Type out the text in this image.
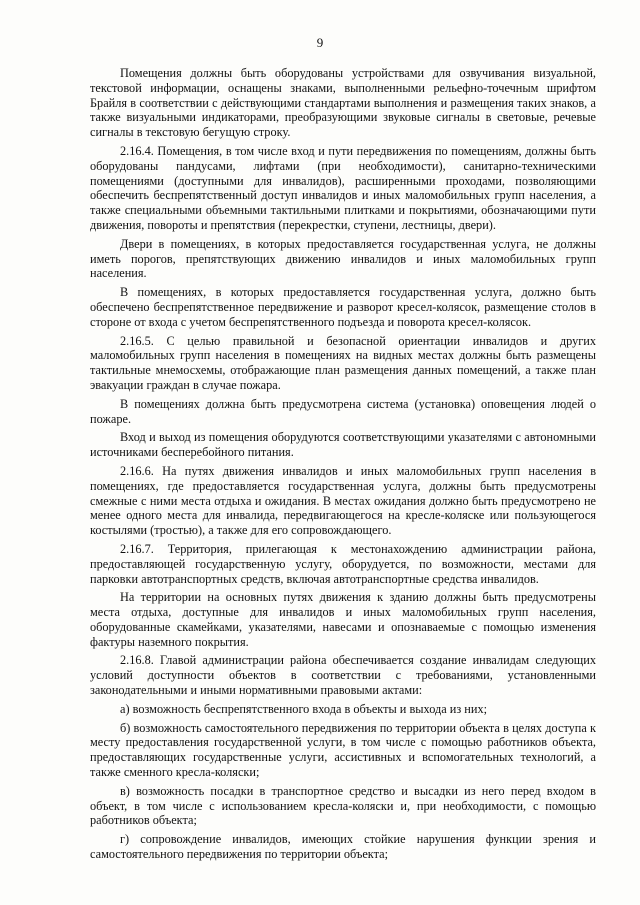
9

Помещения должны быть оборудованы устройствами для озвучивания визуальной, текстовой информации, оснащены знаками, выполненными рельефно-точечным шрифтом Брайля в соответствии с действующими стандартами выполнения и размещения таких знаков, а также визуальными индикаторами, преобразующими звуковые сигналы в световые, речевые сигналы в текстовую бегущую строку.

2.16.4. Помещения, в том числе вход и пути передвижения по помещениям, должны быть оборудованы пандусами, лифтами (при необходимости), санитарно-техническими помещениями (доступными для инвалидов), расширенными проходами, позволяющими обеспечить беспрепятственный доступ инвалидов и иных маломобильных групп населения, а также специальными объемными тактильными плитками и покрытиями, обозначающими пути движения, повороты и препятствия (перекрестки, ступени, лестницы, двери).

Двери в помещениях, в которых предоставляется государственная услуга, не должны иметь порогов, препятствующих движению инвалидов и иных маломобильных групп населения.

В помещениях, в которых предоставляется государственная услуга, должно быть обеспечено беспрепятственное передвижение и разворот кресел-колясок, размещение столов в стороне от входа с учетом беспрепятственного подъезда и поворота кресел-колясок.

2.16.5. С целью правильной и безопасной ориентации инвалидов и других маломобильных групп населения в помещениях на видных местах должны быть размещены тактильные мнемосхемы, отображающие план размещения данных помещений, а также план эвакуации граждан в случае пожара.

В помещениях должна быть предусмотрена система (установка) оповещения людей о пожаре.

Вход и выход из помещения оборудуются соответствующими указателями с автономными источниками бесперебойного питания.

2.16.6. На путях движения инвалидов и иных маломобильных групп населения в помещениях, где предоставляется государственная услуга, должны быть предусмотрены смежные с ними места отдыха и ожидания. В местах ожидания должно быть предусмотрено не менее одного места для инвалида, передвигающегося на кресле-коляске или пользующегося костылями (тростью), а также для его сопровождающего.

2.16.7. Территория, прилегающая к местонахождению администрации района, предоставляющей государственную услугу, оборудуется, по возможности, местами для парковки автотранспортных средств, включая автотранспортные средства инвалидов.

На территории на основных путях движения к зданию должны быть предусмотрены места отдыха, доступные для инвалидов и иных маломобильных групп населения, оборудованные скамейками, указателями, навесами и опознаваемые с помощью изменения фактуры наземного покрытия.

2.16.8. Главой администрации района обеспечивается создание инвалидам следующих условий доступности объектов в соответствии с требованиями, установленными законодательными и иными нормативными правовыми актами:

а) возможность беспрепятственного входа в объекты и выхода из них;

б) возможность самостоятельного передвижения по территории объекта в целях доступа к месту предоставления государственной услуги, в том числе с помощью работников объекта, предоставляющих государственные услуги, ассистивных и вспомогательных технологий, а также сменного кресла-коляски;

в) возможность посадки в транспортное средство и высадки из него перед входом в объект, в том числе с использованием кресла-коляски и, при необходимости, с помощью работников объекта;

г) сопровождение инвалидов, имеющих стойкие нарушения функции зрения и самостоятельного передвижения по территории объекта;
